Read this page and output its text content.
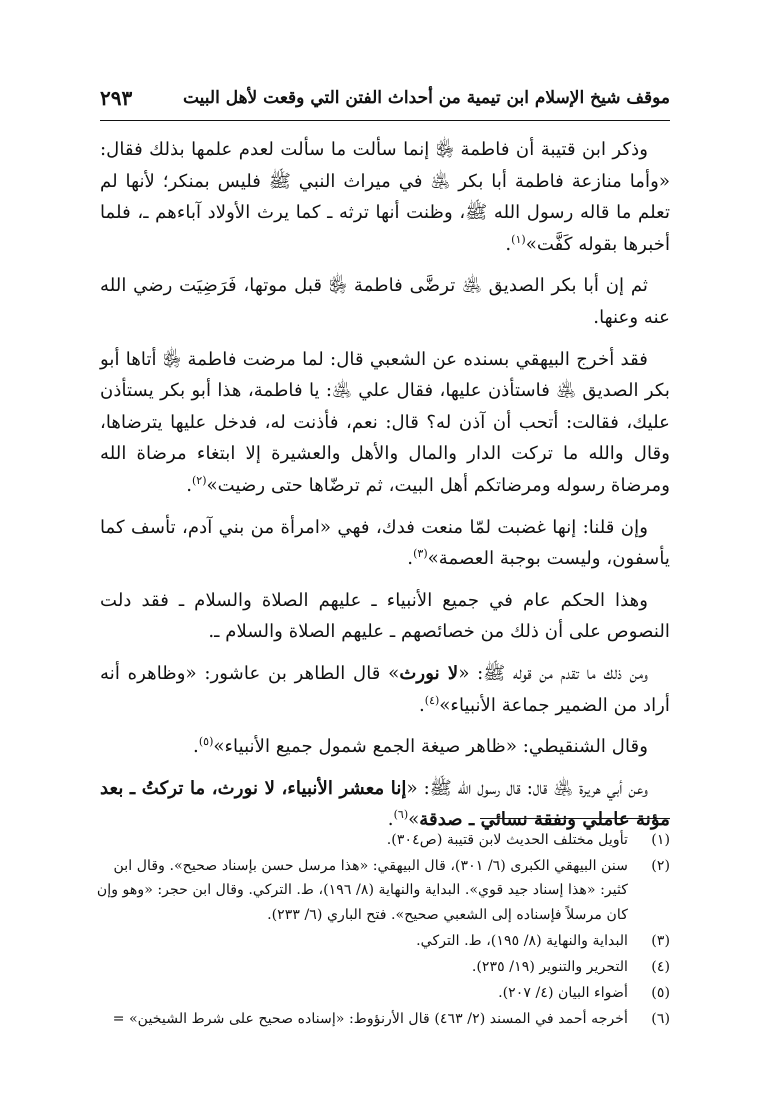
موقف شيخ الإسلام ابن تيمية من أحداث الفتن التي وقعت لأهل البيت
٢٩٣

وذكر ابن قتيبة أن فاطمة ﵂ إنما سألت ما سألت لعدم علمها بذلك فقال: «وأما منازعة فاطمة أبا بكر ﵁ في ميراث النبي ﷺ فليس بمنكر؛ لأنها لم تعلم ما قاله رسول الله ﷺ، وظنت أنها ترثه ـ كما يرث الأولاد آباءهم ـ، فلما أخبرها بقوله كَفَّت»$^{(١)}$.

ثم إن أبا بكر الصديق ﵁ ترضَّى فاطمة ﵂ قبل موتها، فَرَضِيَت رضي الله عنه وعنها.

فقد أخرج البيهقي بسنده عن الشعبي قال: لما مرضت فاطمة ﵂ أتاها أبو بكر الصديق ﵁ فاستأذن عليها، فقال علي ﵁: يا فاطمة، هذا أبو بكر يستأذن عليك، فقالت: أتحب أن آذن له؟ قال: نعم، فأذنت له، فدخل عليها يترضاها، وقال والله ما تركت الدار والمال والأهل والعشيرة إلا ابتغاء مرضاة الله ومرضاة رسوله ومرضاتكم أهل البيت، ثم ترضّاها حتى رضيت»$^{(٢)}$.

وإن قلنا: إنها غضبت لمّا منعت فدك، فهي «امرأة من بني آدم، تأسف كما يأسفون، وليست بوجبة العصمة»$^{(٣)}$.

وهذا الحكم عام في جميع الأنبياء ـ عليهم الصلاة والسلام ـ فقد دلت النصوص على أن ذلك من خصائصهم ـ عليهم الصلاة والسلام ـ.

ومن ذلك ما تقدم من قوله ﷺ: «لا نورث» قال الطاهر بن عاشور: «وظاهره أنه أراد من الضمير جماعة الأنبياء»$^{(٤)}$.

وقال الشنقيطي: «ظاهر صيغة الجمع شمول جميع الأنبياء»$^{(٥)}$.

وعن أبي هريرة ﵁ قال: قال رسول الله ﷺ: «إنا معشر الأنبياء، لا نورث، ما تركتُ ـ بعد مؤنة عاملي ونفقة نسائي ـ صدقة»$^{(٦)}$.

(١)
تأويل مختلف الحديث لابن قتيبة (ص٣٠٤).
(٢)
سنن البيهقي الكبرى (٦/ ٣٠١)، قال البيهقي: «هذا مرسل حسن بإسناد صحيح». وقال ابن كثير: «هذا إسناد جيد قوي». البداية والنهاية (٨/ ١٩٦)، ط. التركي. وقال ابن حجر: «وهو وإن كان مرسلاً فإسناده إلى الشعبي صحيح». فتح الباري (٦/ ٢٣٣).
(٣)
البداية والنهاية (٨/ ١٩٥)، ط. التركي.
(٤)
التحرير والتنوير (١٩/ ٢٣٥).
(٥)
أضواء البيان (٤/ ٢٠٧).
(٦)
أخرجه أحمد في المسند (٢/ ٤٦٣) قال الأرنؤوط: «إسناده صحيح على شرط الشيخين» =
